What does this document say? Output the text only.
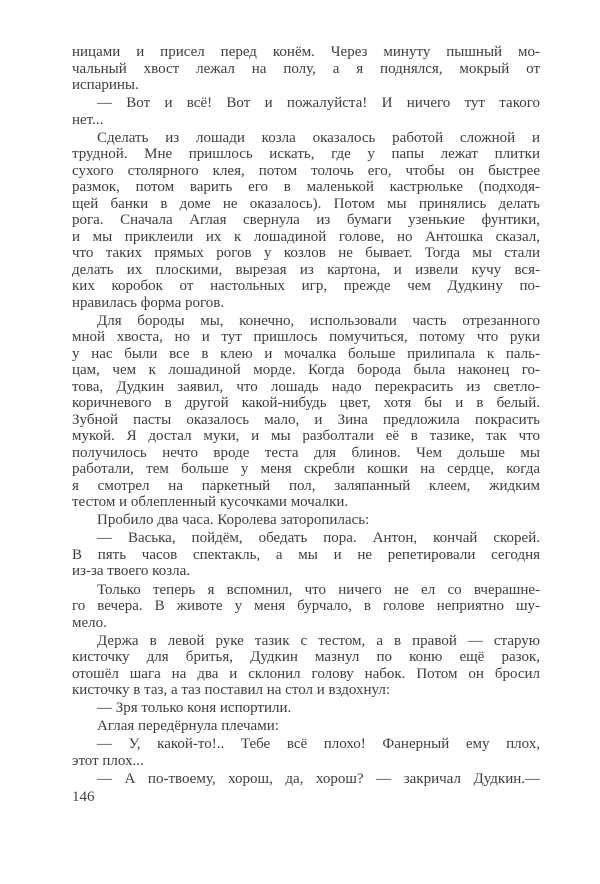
ницами и присел перед конём. Через минуту пышный мо-
чальный хвост лежал на полу, а я поднялся, мокрый от
испарины.
— Вот и всё! Вот и пожалуйста! И ничего тут такого
нет...
Сделать из лошади козла оказалось работой сложной и
трудной. Мне пришлось искать, где у папы лежат плитки
сухого столярного клея, потом толочь его, чтобы он быстрее
размок, потом варить его в маленькой кастрюльке (подходя-
щей банки в доме не оказалось). Потом мы принялись делать
рога. Сначала Аглая свернула из бумаги узенькие фунтики,
и мы приклеили их к лошадиной голове, но Антошка сказал,
что таких прямых рогов у козлов не бывает. Тогда мы стали
делать их плоскими, вырезая из картона, и извели кучу вся-
ких коробок от настольных игр, прежде чем Дудкину по-
нравилась форма рогов.
Для бороды мы, конечно, использовали часть отрезанного
мной хвоста, но и тут пришлось помучиться, потому что руки
у нас были все в клею и мочалка больше прилипала к паль-
цам, чем к лошадиной морде. Когда борода была наконец го-
това, Дудкин заявил, что лошадь надо перекрасить из светло-
коричневого в другой какой-нибудь цвет, хотя бы и в белый.
Зубной пасты оказалось мало, и Зина предложила покрасить
мукой. Я достал муки, и мы разболтали её в тазике, так что
получилось нечто вроде теста для блинов. Чем дольше мы
работали, тем больше у меня скребли кошки на сердце, когда
я смотрел на паркетный пол, заляпанный клеем, жидким
тестом и облепленный кусочками мочалки.
Пробило два часа. Королева заторопилась:
— Васька, пойдём, обедать пора. Антон, кончай скорей.
В пять часов спектакль, а мы и не репетировали сегодня
из-за твоего козла.
Только теперь я вспомнил, что ничего не ел со вчерашне-
го вечера. В животе у меня бурчало, в голове неприятно шу-
мело.
Держа в левой руке тазик с тестом, а в правой — старую
кисточку для бритья, Дудкин мазнул по коню ещё разок,
отошёл шага на два и склонил голову набок. Потом он бросил
кисточку в таз, а таз поставил на стол и вздохнул:
— Зря только коня испортили.
Аглая передёрнула плечами:
— У, какой-то!.. Тебе всё плохо! Фанерный ему плох,
этот плох...
— А по-твоему, хорош, да, хорош? — закричал Дудкин.—
146
